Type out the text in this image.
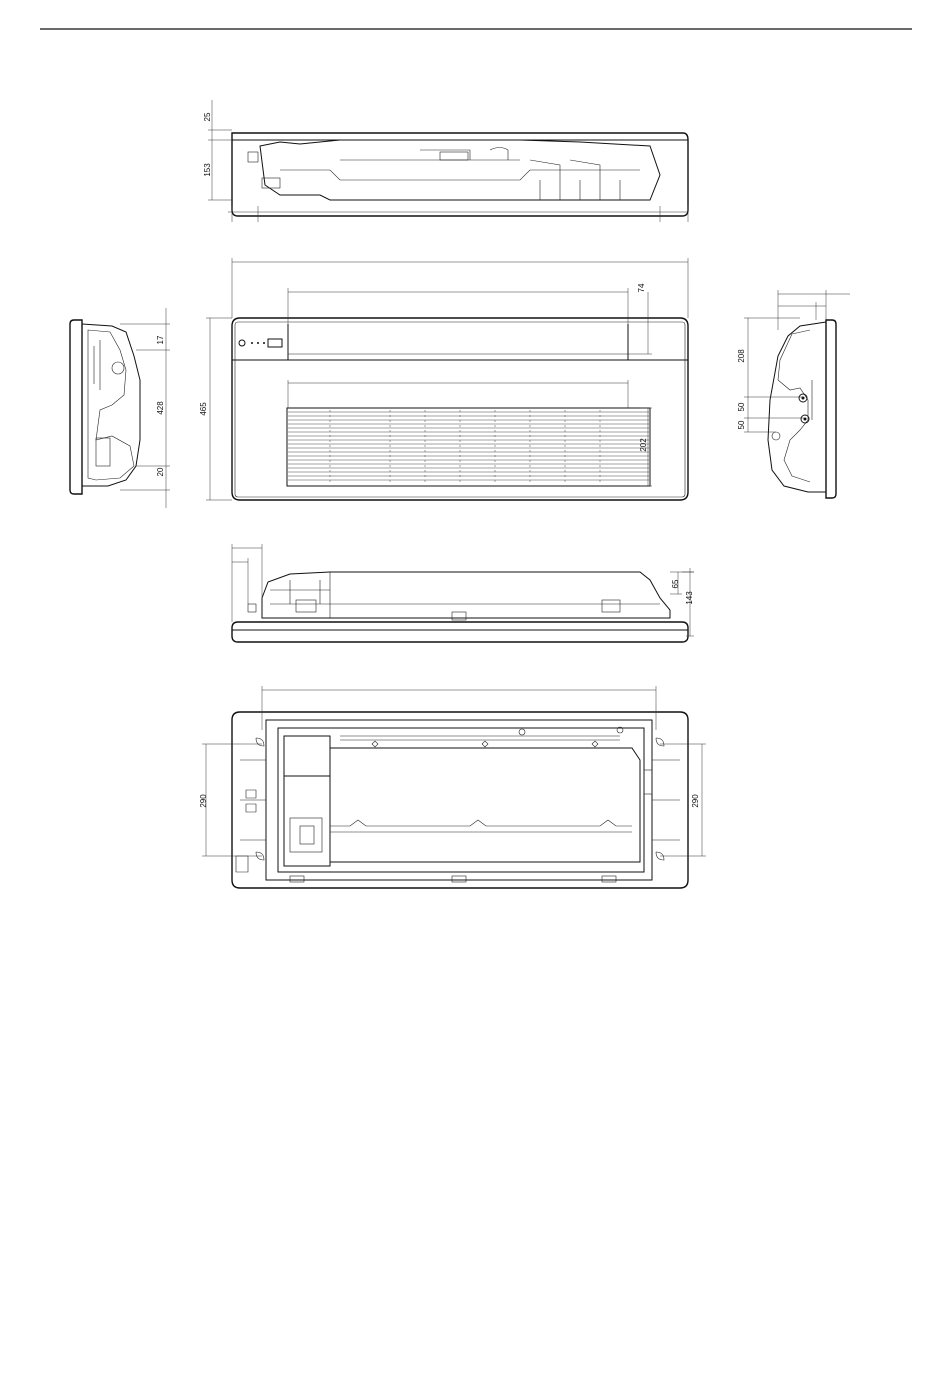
25
153
465
74
202
17
428
20
208
50
50
65
143
290	290
